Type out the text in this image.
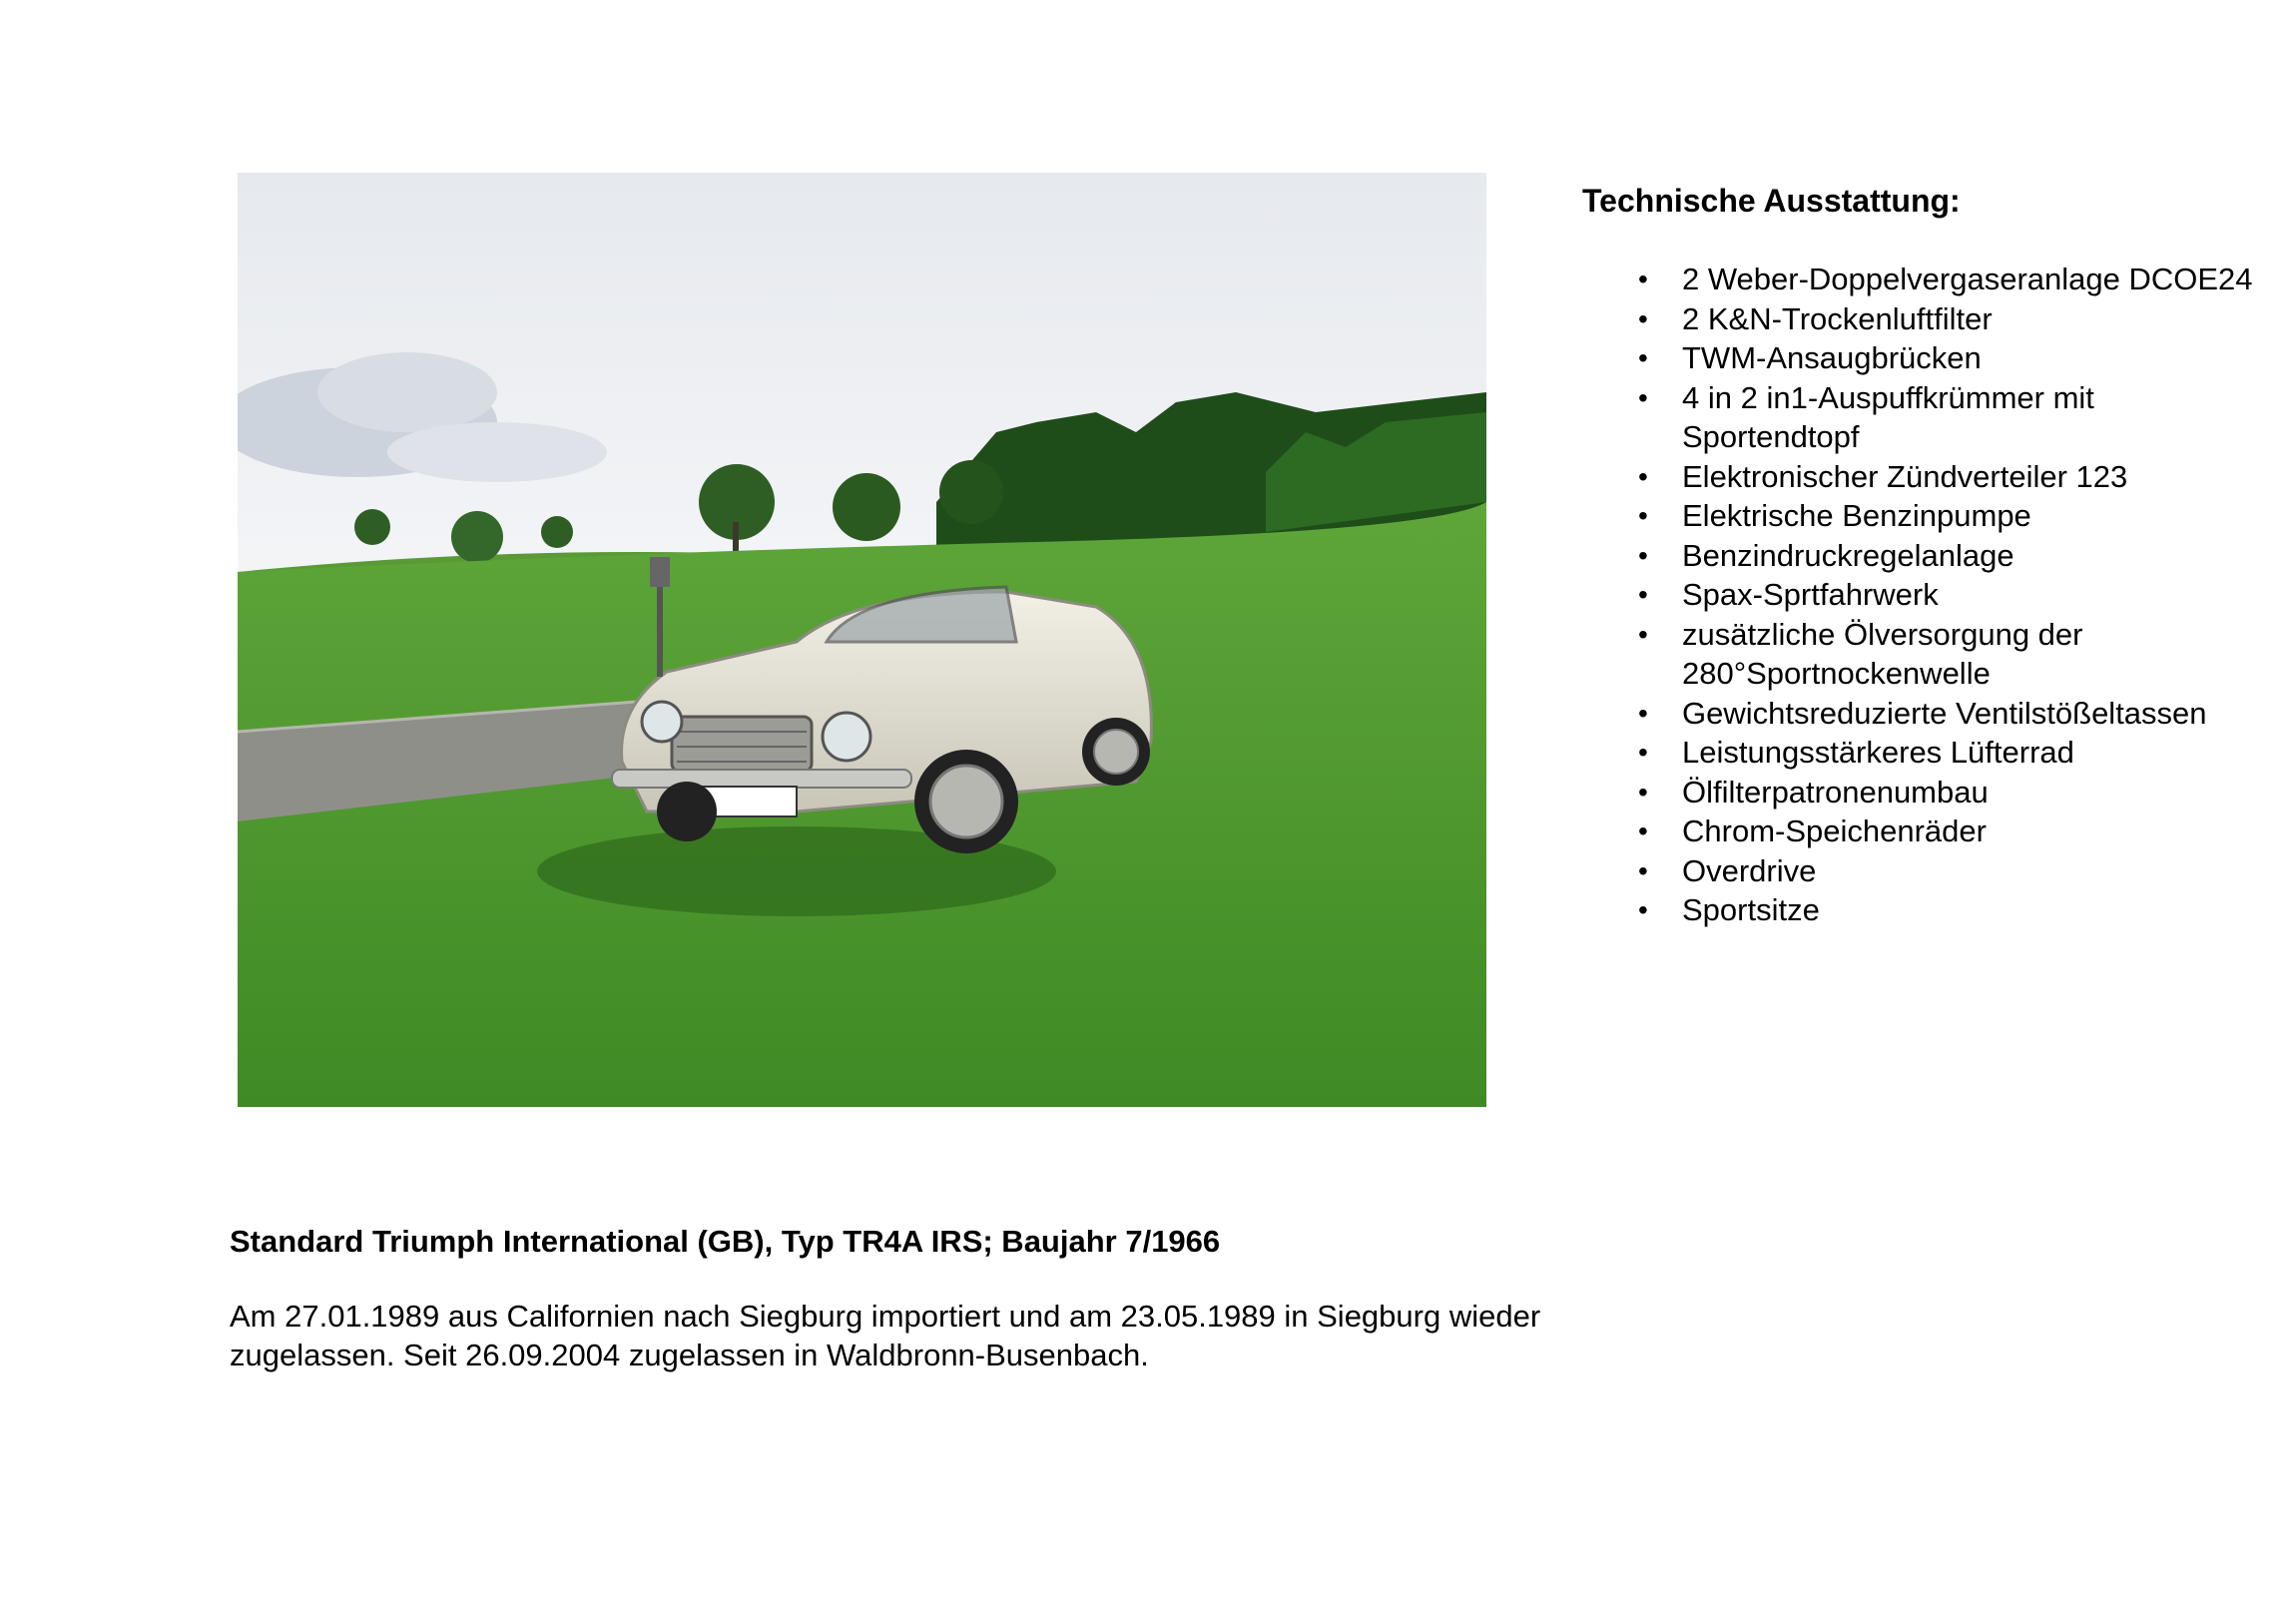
Technische Ausstattung:
• 2 Weber-Doppelvergaseranlage DCOE24
• 2 K&N-Trockenluftfilter
• TWM-Ansaugbrücken
• 4 in 2 in1-Auspuffkrümmer mit Sportendtopf
• Elektronischer Zündverteiler 123
• Elektrische Benzinpumpe
• Benzindruckregelanlage
• Spax-Sprtfahrwerk
• zusätzliche Ölversorgung der 280°Sportnockenwelle
• Gewichtsreduzierte Ventilstößeltassen
• Leistungsstärkeres Lüfterrad
• Ölfilterpatronenumbau
• Chrom-Speichenräder
• Overdrive
• Sportsitze
Standard Triumph International (GB), Typ TR4A IRS; Baujahr 7/1966
Am 27.01.1989 aus Californien nach Siegburg importiert und am 23.05.1989 in Siegburg wieder zugelassen. Seit 26.09.2004 zugelassen in Waldbronn-Busenbach.
